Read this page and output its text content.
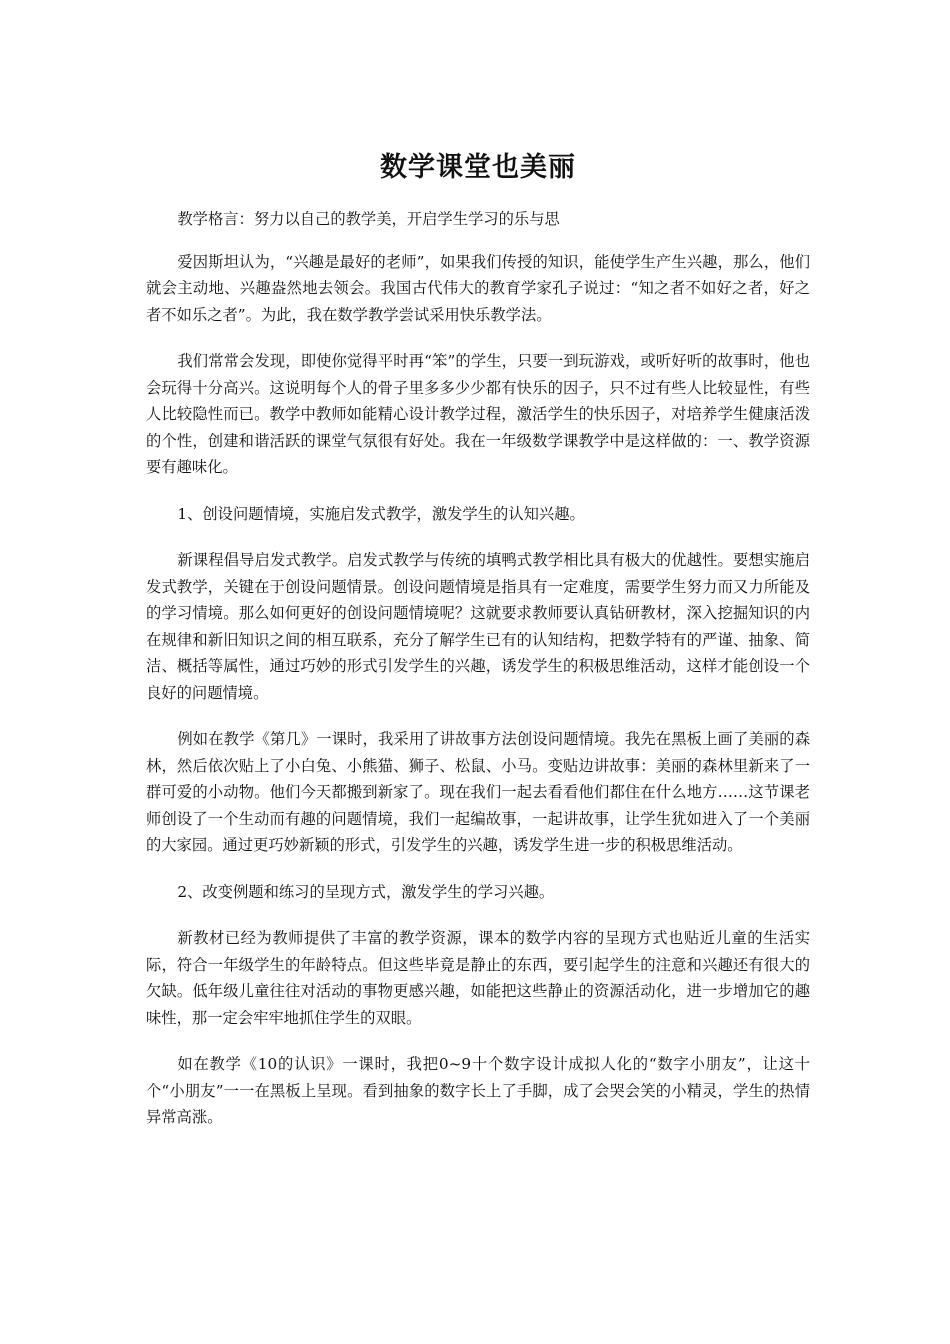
数学课堂也美丽

教学格言：努力以自己的教学美，开启学生学习的乐与思

爱因斯坦认为，“兴趣是最好的老师”，如果我们传授的知识，能使学生产生兴趣，那么，他们就会主动地、兴趣盎然地去领会。我国古代伟大的教育学家孔子说过：“知之者不如好之者，好之者不如乐之者”。为此，我在数学教学尝试采用快乐教学法。

我们常常会发现，即使你觉得平时再“笨”的学生，只要一到玩游戏，或听好听的故事时，他也会玩得十分高兴。这说明每个人的骨子里多多少少都有快乐的因子，只不过有些人比较显性，有些人比较隐性而已。教学中教师如能精心设计教学过程，激活学生的快乐因子，对培养学生健康活泼的个性，创建和谐活跃的课堂气氛很有好处。我在一年级数学课教学中是这样做的：一、教学资源要有趣味化。

1、创设问题情境，实施启发式教学，激发学生的认知兴趣。

新课程倡导启发式教学。启发式教学与传统的填鸭式教学相比具有极大的优越性。要想实施启发式教学，关键在于创设问题情景。创设问题情境是指具有一定难度，需要学生努力而又力所能及的学习情境。那么如何更好的创设问题情境呢？这就要求教师要认真钻研教材，深入挖掘知识的内在规律和新旧知识之间的相互联系，充分了解学生已有的认知结构，把数学特有的严谨、抽象、简洁、概括等属性，通过巧妙的形式引发学生的兴趣，诱发学生的积极思维活动，这样才能创设一个良好的问题情境。

例如在教学《第几》一课时，我采用了讲故事方法创设问题情境。我先在黑板上画了美丽的森林，然后依次贴上了小白兔、小熊猫、狮子、松鼠、小马。变贴边讲故事：美丽的森林里新来了一群可爱的小动物。他们今天都搬到新家了。现在我们一起去看看他们都住在什么地方……这节课老师创设了一个生动而有趣的问题情境，我们一起编故事，一起讲故事，让学生犹如进入了一个美丽的大家园。通过更巧妙新颖的形式，引发学生的兴趣，诱发学生进一步的积极思维活动。

2、改变例题和练习的呈现方式，激发学生的学习兴趣。

新教材已经为教师提供了丰富的教学资源，课本的数学内容的呈现方式也贴近儿童的生活实际，符合一年级学生的年龄特点。但这些毕竟是静止的东西，要引起学生的注意和兴趣还有很大的欠缺。低年级儿童往往对活动的事物更感兴趣，如能把这些静止的资源活动化，进一步增加它的趣味性，那一定会牢牢地抓住学生的双眼。

如在教学《10的认识》一课时，我把0~9十个数字设计成拟人化的“数字小朋友”，让这十个“小朋友”一一在黑板上呈现。看到抽象的数字长上了手脚，成了会哭会笑的小精灵，学生的热情异常高涨。
